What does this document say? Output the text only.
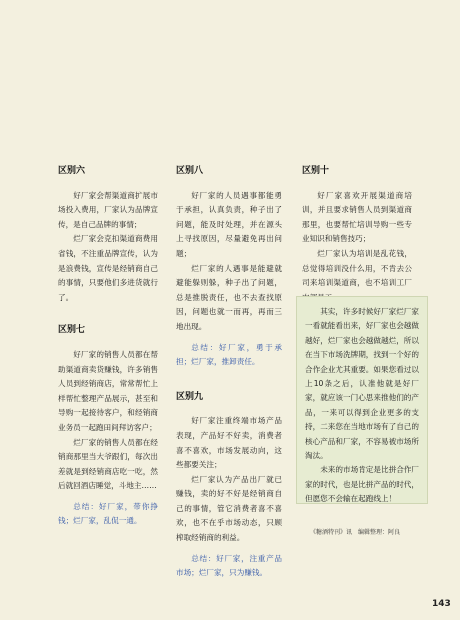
区别六

好厂家会帮渠道商扩展市场投入费用，厂家认为品牌宣传，是自己品牌的事情；

烂厂家会克扣渠道商费用省钱，不注重品牌宣传，认为是浪费钱，宣传是经销商自己的事情，只要他们多进货就行了。

区别七

好厂家的销售人员都在帮助渠道商卖货赚钱，许多销售人员到经销商店，常常帮忙上样帮忙整理产品展示，甚至和导购一起接待客户，和经销商业务员一起跑田间拜访客户；

烂厂家的销售人员都在经销商那里当大爷跟们，每次出差就是到经销商店吃一吃，然后就回酒店睡觉，斗地主……

总结：好厂家，带你挣钱；烂厂家，乱侃一通。

区别八

好厂家的人员遇事都能勇于承担，认真负责，种子出了问题，能及时处理，并在源头上寻找原因，尽量避免再出问题；

烂厂家的人遇事是能避就避能躲则躲，种子出了问题，总是推脱责任，也不去查找原因，问题也就一而再，再而三地出现。

总结：好厂家，勇于承担；烂厂家，推卸责任。

区别九

好厂家注重终端市场产品表现，产品好不好卖，消费者喜不喜欢，市场发展动向，这些都要关注；

烂厂家认为产品出厂就已赚钱，卖的好不好是经销商自己的事情，管它消费者喜不喜欢，也不在乎市场动态，只顾榨取经销商的利益。

总结：好厂家，注重产品市场；烂厂家，只为赚钱。

区别十

好厂家喜欢开展渠道商培训，并且要求销售人员到渠道商那里，也要帮忙培训导购一些专业知识和销售技巧；

烂厂家认为培训是乱花钱，总觉得培训没什么用，不肯去公司来培训渠道商，也不培训工厂

其实，许多时候好厂家烂厂家一看就能看出来，好厂家也会越做越好，烂厂家也会越做越烂，所以在当下市场洗牌期，找到一个好的合作企业尤其重要。如果您看过以上10条之后，认准他就是好厂家，就应该一门心思来推他们的产品，一来可以得到企业更多的支持，二来您在当地市场有了自己的核心产品和厂家，不容易被市场所淘汰。

未来的市场肯定是比拼合作厂家的时代，也是比拼产品的时代，但愿您不会输在起跑线上！

《糖酒特刊》讯　编辑整理：阿良
143
